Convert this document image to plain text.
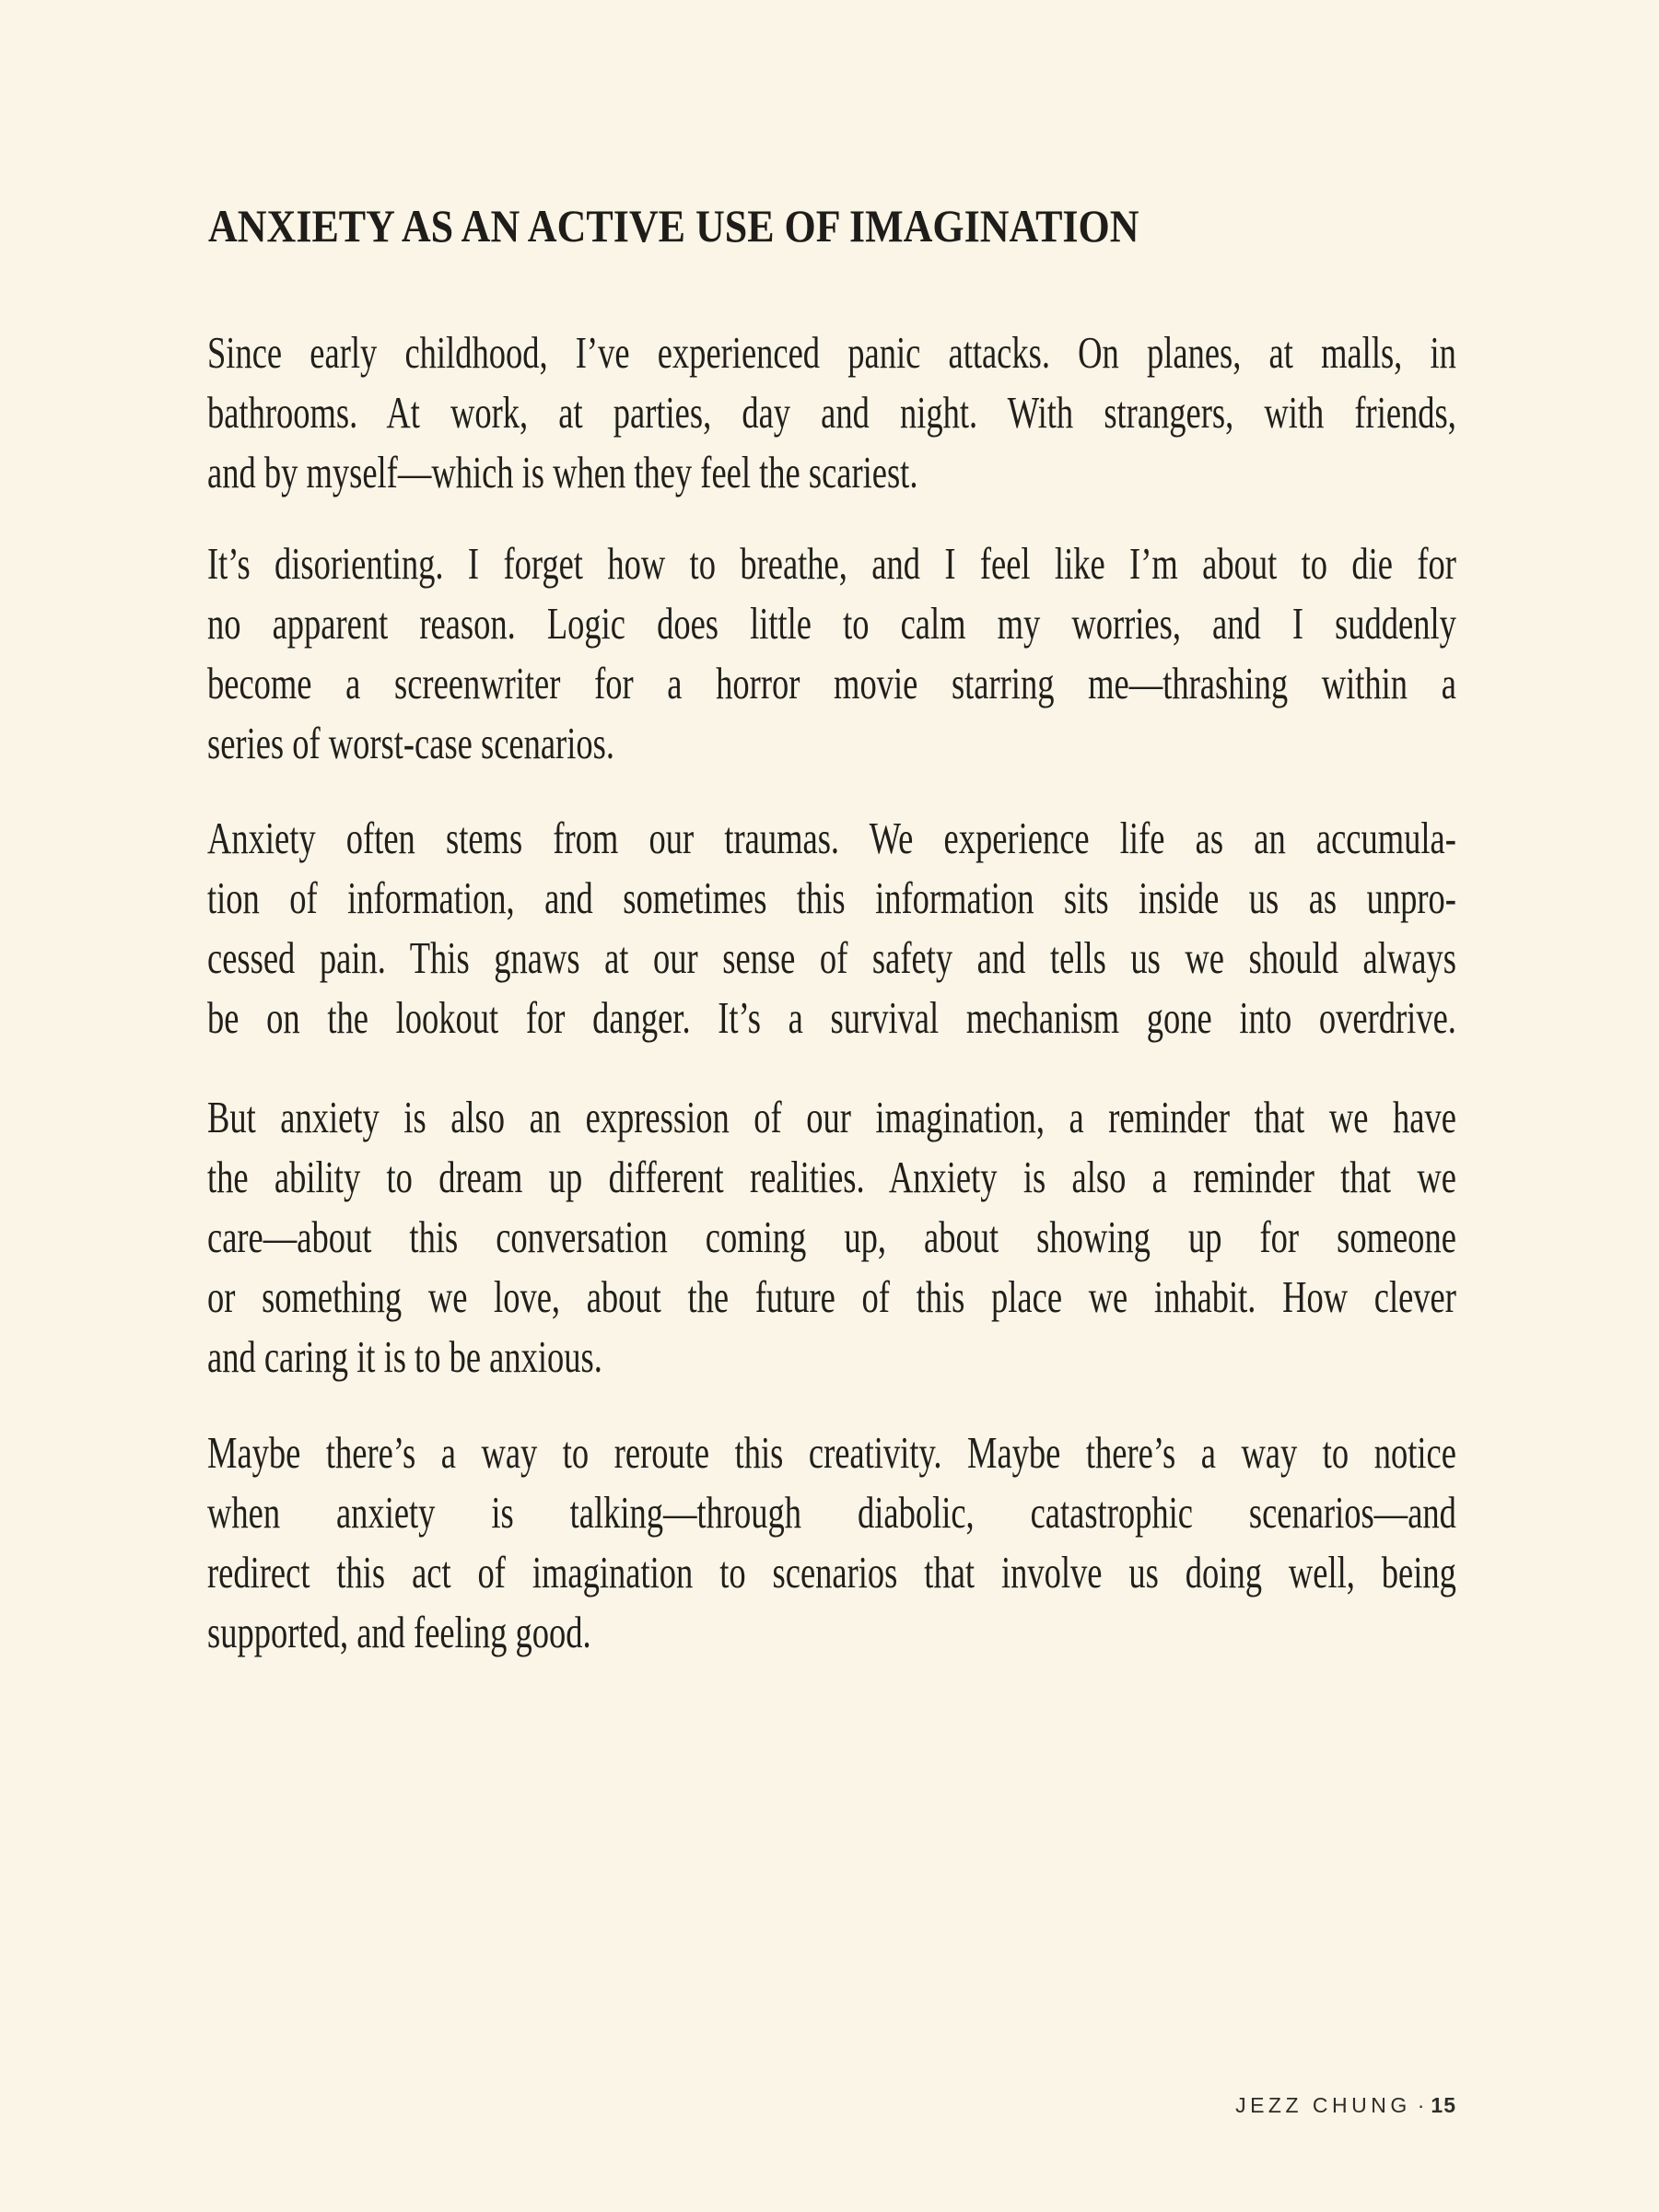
ANXIETY AS AN ACTIVE USE OF IMAGINATION
Since early childhood, I’ve experienced panic attacks. On planes, at malls, in
bathrooms. At work, at parties, day and night. With strangers, with friends,
and by myself—which is when they feel the scariest.
It’s disorienting. I forget how to breathe, and I feel like I’m about to die for
no apparent reason. Logic does little to calm my worries, and I suddenly
become a screenwriter for a horror movie starring me—thrashing within a
series of worst-case scenarios.
Anxiety often stems from our traumas. We experience life as an accumula-
tion of information, and sometimes this information sits inside us as unpro-
cessed pain. This gnaws at our sense of safety and tells us we should always
be on the lookout for danger. It’s a survival mechanism gone into overdrive.
But anxiety is also an expression of our imagination, a reminder that we have
the ability to dream up different realities. Anxiety is also a reminder that we
care—about this conversation coming up, about showing up for someone
or something we love, about the future of this place we inhabit. How clever
and caring it is to be anxious.
Maybe there’s a way to reroute this creativity. Maybe there’s a way to notice
when anxiety is talking—through diabolic, catastrophic scenarios—and
redirect this act of imagination to scenarios that involve us doing well, being
supported, and feeling good.
JEZZ CHUNG · 15
